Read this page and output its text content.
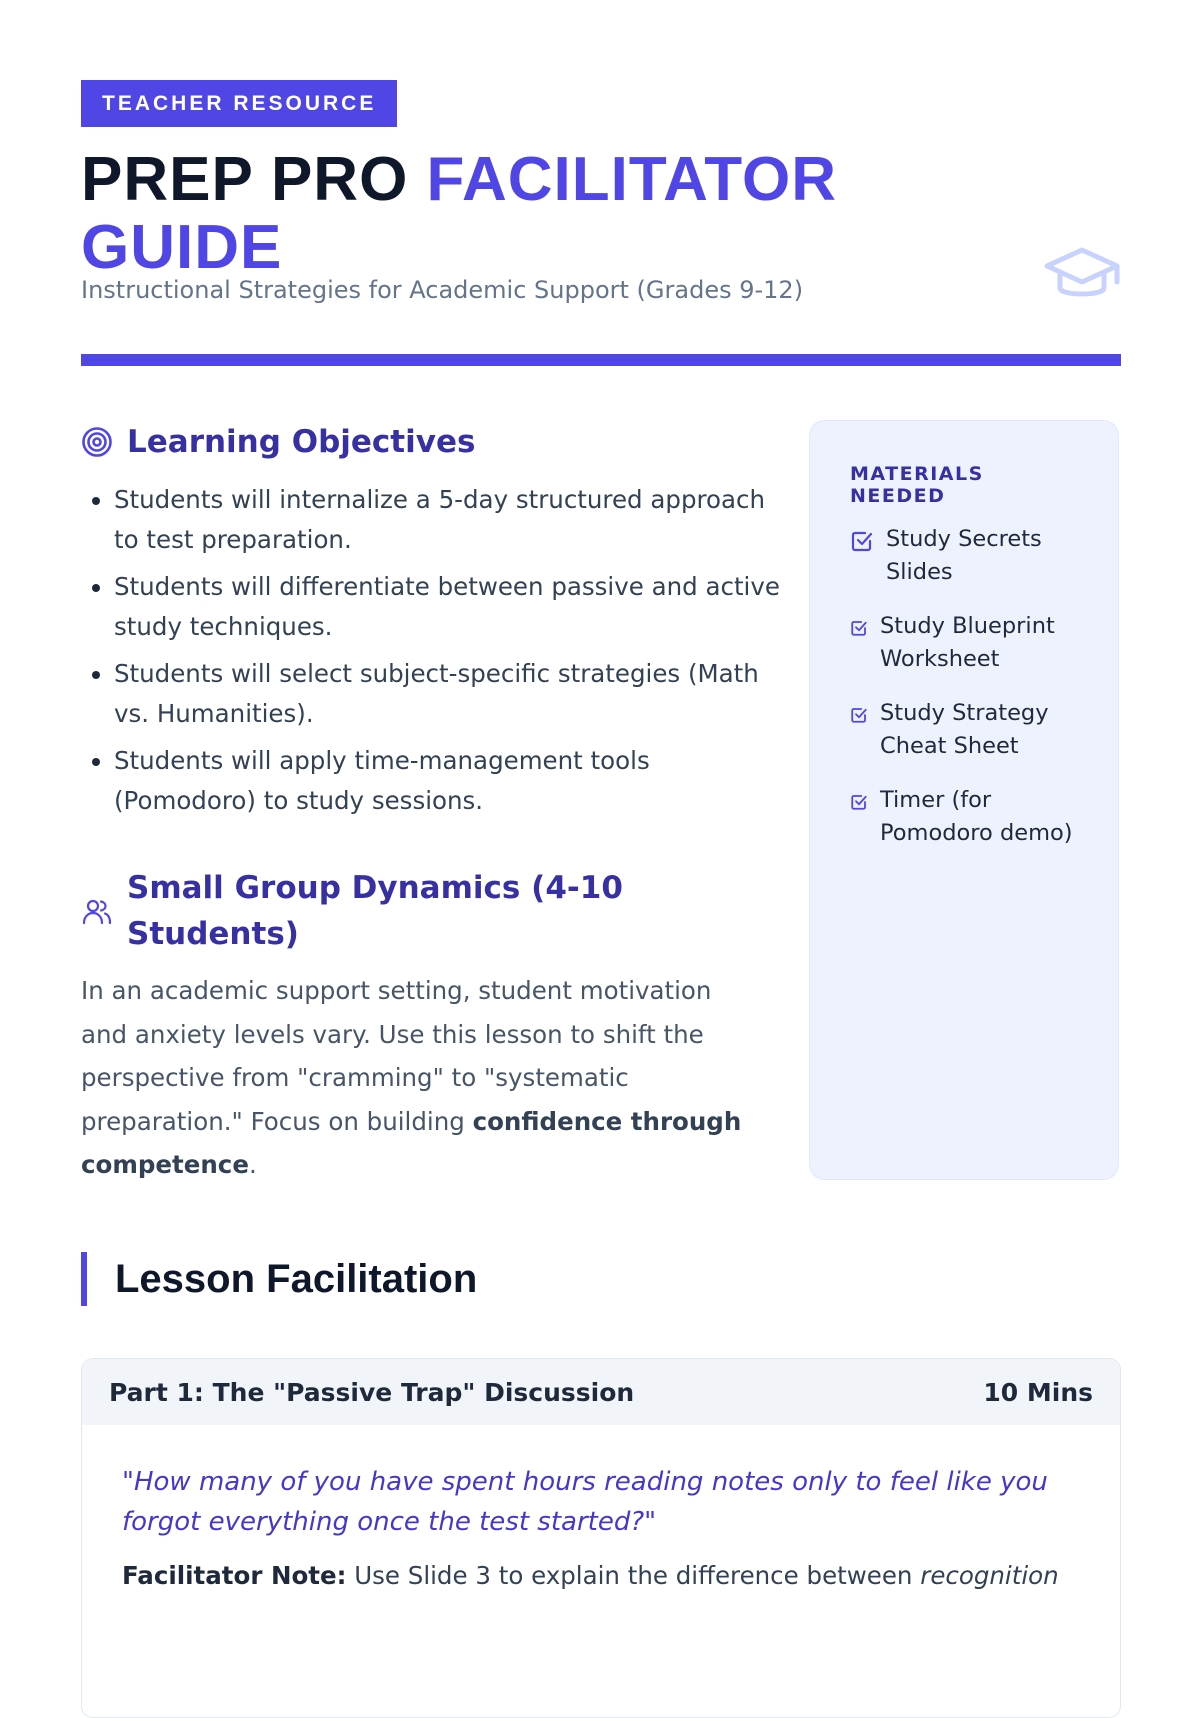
TEACHER RESOURCE
PREP PRO FACILITATOR GUIDE
Instructional Strategies for Academic Support (Grades 9-12)
Learning Objectives
• Students will internalize a 5-day structured approach to test preparation.
• Students will differentiate between passive and active study techniques.
• Students will select subject-specific strategies (Math vs. Humanities).
• Students will apply time-management tools (Pomodoro) to study sessions.
Small Group Dynamics (4-10 Students)

In an academic support setting, student motivation and anxiety levels vary. Use this lesson to shift the perspective from "cramming" to "systematic preparation." Focus on building confidence through competence.

MATERIALS NEEDED
Study Secrets Slides
Study Blueprint Worksheet
Study Strategy Cheat Sheet
Timer (for Pomodoro demo)
Lesson Facilitation
Part 1: The "Passive Trap" Discussion	10 Mins
"How many of you have spent hours reading notes only to feel like you forgot everything once the test started?"
Facilitator Note: Use Slide 3 to explain the difference between recognition
